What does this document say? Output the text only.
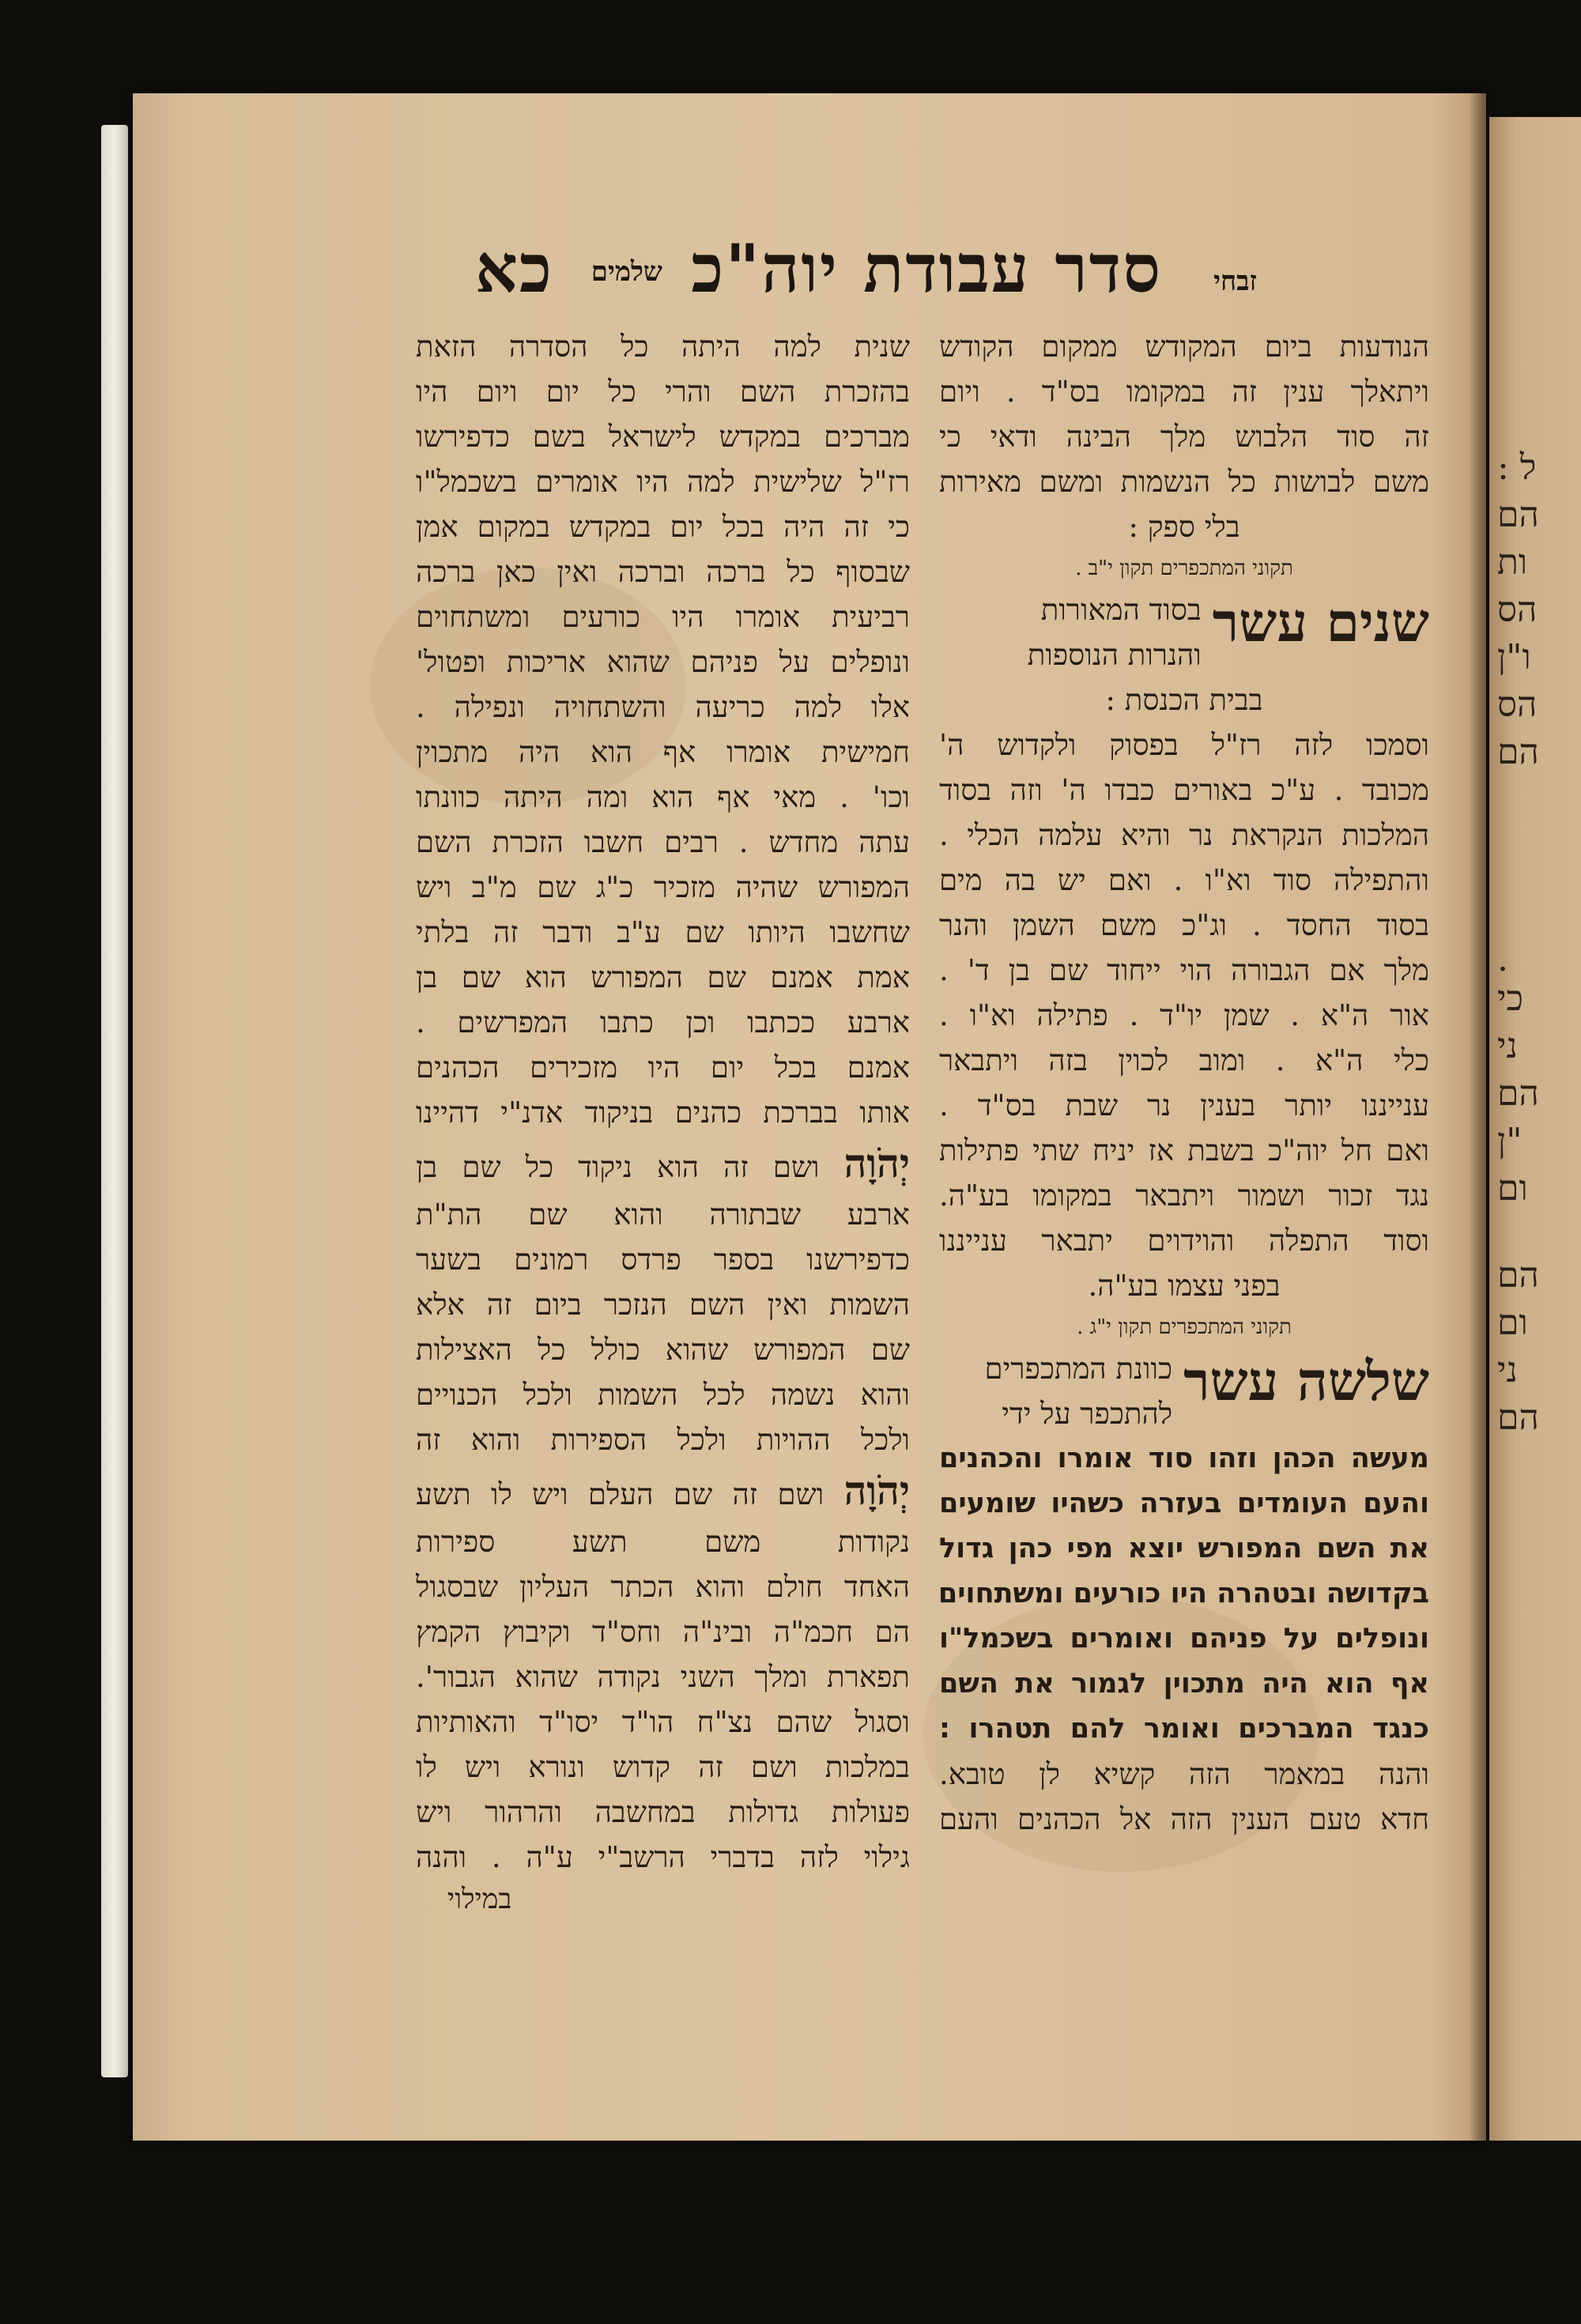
ל :
הם
ות
הס
ו"ן
הס
הם
.
כי
ני
הם
"ן
ום
הם
ום
ני
הם
זבחי
סדר עבודת יוה"כ
שלמים
כא
הנודעות ביום המקודש ממקום הקודש
ויתאלך ענין זה במקומו בס"ד . ויום
זה סוד הלבוש מלך הבינה ודאי כי
משם לבושות כל הנשמות ומשם מאירות
בלי ספק :
תקוני המתכפרים תקון י"ב .
שנים עשר
בסוד המאורות
והנרות הנוספות
בבית הכנסת :
וסמכו לזה רז"ל בפסוק ולקדוש ה'
מכובד . ע"כ באורים כבדו ה' וזה בסוד
המלכות הנקראת נר והיא עלמה הכלי .
והתפילה סוד וא"ו . ואם יש בה מים
בסוד החסד . וג"כ משם השמן והנר
מלך אם הגבורה הוי ייחוד שם בן ד' .
אור ה"א . שמן יו"ד . פתילה וא"ו .
כלי ה"א . ומוב לכוין בזה ויתבאר
ענייננו יותר בענין נר שבת בס"ד .
ואם חל יוה"כ בשבת אז יניח שתי פתילות
נגד זכור ושמור ויתבאר במקומו בע"ה.
וסוד התפלה והוידוים יתבאר ענייננו
בפני עצמו בע"ה.
תקוני המתכפרים תקון י"ג .
שלשה עשר
כוונת המתכפרים
להתכפר על ידי
מעשה הכהן וזהו סוד אומרו והכהנים
והעם העומדים בעזרה כשהיו שומעים
את השם המפורש יוצא מפי כהן גדול
בקדושה ובטהרה היו כורעים ומשתחוים
ונופלים על פניהם ואומרים בשכמל"ו
אף הוא היה מתכוין לגמור את השם
כנגד המברכים ואומר להם תטהרו :
והנה במאמר הזה קשיא לן טובא.
חדא טעם הענין הזה אל הכהנים והעם
שנית למה היתה כל הסדרה הזאת
בהזכרת השם והרי כל יום ויום היו
מברכים במקדש לישראל בשם כדפירשו
רז"ל שלישית למה היו אומרים בשכמל"ו
כי זה היה בכל יום במקדש במקום אמן
שבסוף כל ברכה וברכה ואין כאן ברכה
רביעית אומרו היו כורעים ומשתחוים
ונופלים על פניהם שהוא אריכות ופטול'
אלו למה כריעה והשתחויה ונפילה .
חמישית אומרו אף הוא היה מתכוין
וכו' . מאי אף הוא ומה היתה כוונתו
עתה מחדש . רבים חשבו הזכרת השם
המפורש שהיה מזכיר כ"ג שם מ"ב ויש
שחשבו היותו שם ע"ב ודבר זה בלתי
אמת אמנם שם המפורש הוא שם בן
ארבע ככתבו וכן כתבו המפרשים .
אמנם בכל יום היו מזכירים הכהנים
אותו בברכת כהנים בניקוד אדנ"י דהיינו
יְהֹוָה ושם זה הוא ניקוד כל שם בן
ארבע שבתורה והוא שם הת"ת
כדפירשנו בספר פרדס רמונים בשער
השמות ואין השם הנזכר ביום זה אלא
שם המפורש שהוא כולל כל האצילות
והוא נשמה לכל השמות ולכל הכנויים
ולכל ההויות ולכל הספירות והוא זה
יְהֹוָה ושם זה שם העלם ויש לו תשע
נקודות משם תשע ספירות
האחד חולם והוא הכתר העליון שבסגול
הם חכמ"ה ובינ"ה וחס"ד וקיבוץ הקמץ
תפארת ומלך השני נקודה שהוא הגבור'.
וסגול שהם נצ"ח הו"ד יסו"ד והאותיות
במלכות ושם זה קדוש ונורא ויש לו
פעולות גדולות במחשבה והרהור ויש
גילוי לזה בדברי הרשב"י ע"ה . והנה
במילוי
